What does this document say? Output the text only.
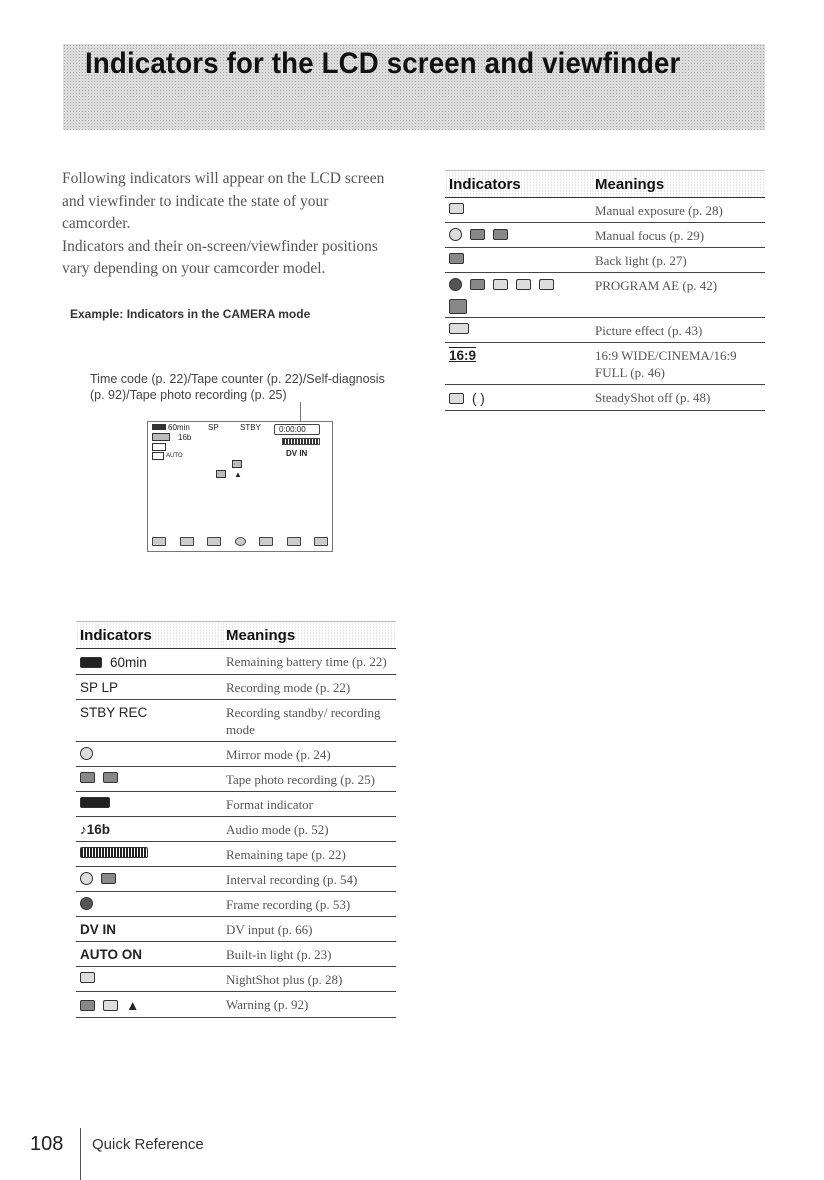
Indicators for the LCD screen and viewfinder

Following indicators will appear on the LCD screen and viewfinder to indicate the state of your camcorder.

Indicators and their on-screen/viewfinder positions vary depending on your camcorder model.

Example: Indicators in the CAMERA mode
Time code (p. 22)/Tape counter (p. 22)/Self-diagnosis (p. 92)/Tape photo recording (p. 25)
60min SP	STBY 0:00:00
16b
DV IN
AUTO
▲
Indicators	Meanings

60min	Remaining battery time (p. 22)
SP LP	Recording mode (p. 22)
STBY REC	Recording standby/ recording mode

	Mirror mode (p. 24)

	Tape photo recording (p. 25)

	Format indicator
♪16b	Audio mode (p. 52)

	Remaining tape (p. 22)

	Interval recording (p. 54)

	Frame recording (p. 53)
DV IN	DV input (p. 66)
AUTO ON	Built-in light (p. 23)

	NightShot plus (p. 28)

▲	Warning (p. 92)
Indicators	Meanings

	Manual exposure (p. 28)

	Manual focus (p. 29)

	Back light (p. 27)

	PROGRAM AE (p. 42)

	Picture effect (p. 43)
16:9	16:9 WIDE/CINEMA/16:9 FULL (p. 46)

( )	SteadyShot off (p. 48)
108 Quick Reference
